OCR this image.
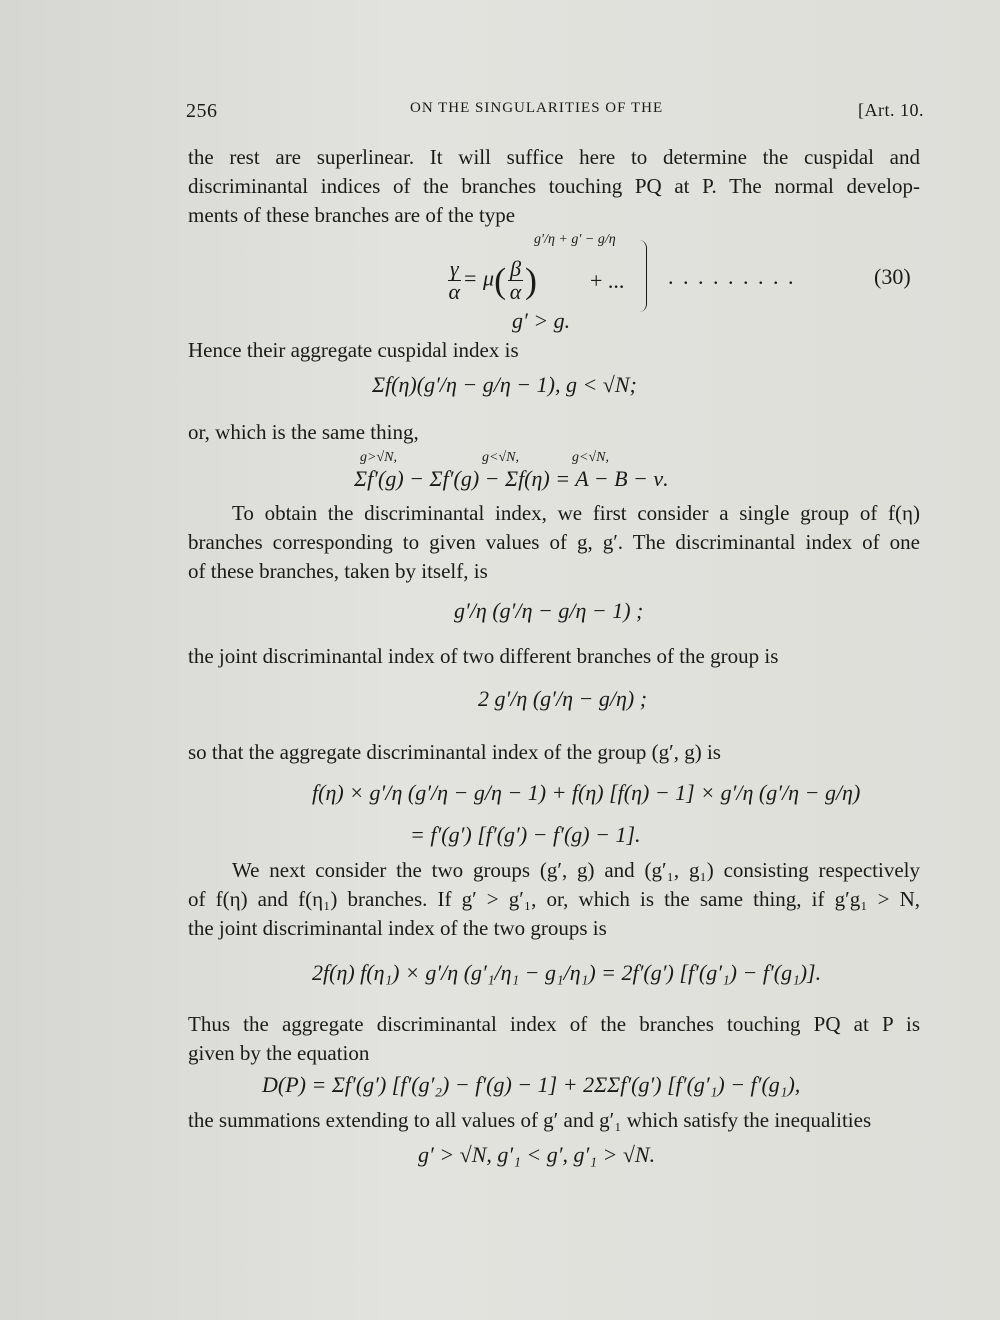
256	ON THE SINGULARITIES OF THE	[Art. 10.
the rest are superlinear. It will suffice here to determine the cuspidal and
discriminantal indices of the branches touching PQ at P. The normal develop-
ments of these branches are of the type
g′/η + g′ − g/η
$\frac{\gamma}{\alpha} = \mu( \frac{\beta}{\alpha}$ ) + ... . . . . . . . . .	(30)
g′ > g.
Hence their aggregate cuspidal index is
Σf(η)(g′/η − g/η − 1), g < √N;
or, which is the same thing,
g>√N,	g<√N,	g<√N,
Σf′(g) − Σf′(g) − Σf(η) = A − B − ν.
To obtain the discriminantal index, we first consider a single group of f(η)
branches corresponding to given values of g, g′. The discriminantal index of one
of these branches, taken by itself, is
g′/η (g′/η − g/η − 1) ;
the joint discriminantal index of two different branches of the group is
2 g′/η (g′/η − g/η) ;
so that the aggregate discriminantal index of the group (g′, g) is
f(η) × g′/η (g′/η − g/η − 1) + f(η) [f(η) − 1] × g′/η (g′/η − g/η)
= f′(g′) [f′(g′) − f′(g) − 1].
We next consider the two groups (g′, g) and (g′₁, g₁) consisting respectively
of f(η) and f(η₁) branches. If g′ > g′₁, or, which is the same thing, if g′g₁ > N,
the joint discriminantal index of the two groups is
2f(η) f(η₁) × g′/η (g′₁/η₁ − g₁/η₁) = 2f′(g′) [f′(g′₁) − f′(g₁)].
Thus the aggregate discriminantal index of the branches touching PQ at P is
given by the equation
D(P) = Σf′(g′) [f′(g′₂) − f′(g) − 1] + 2ΣΣf′(g′) [f′(g′₁) − f′(g₁),
the summations extending to all values of g′ and g′₁ which satisfy the inequalities
g′ > √N, g′₁ < g′, g′₁ > √N.
